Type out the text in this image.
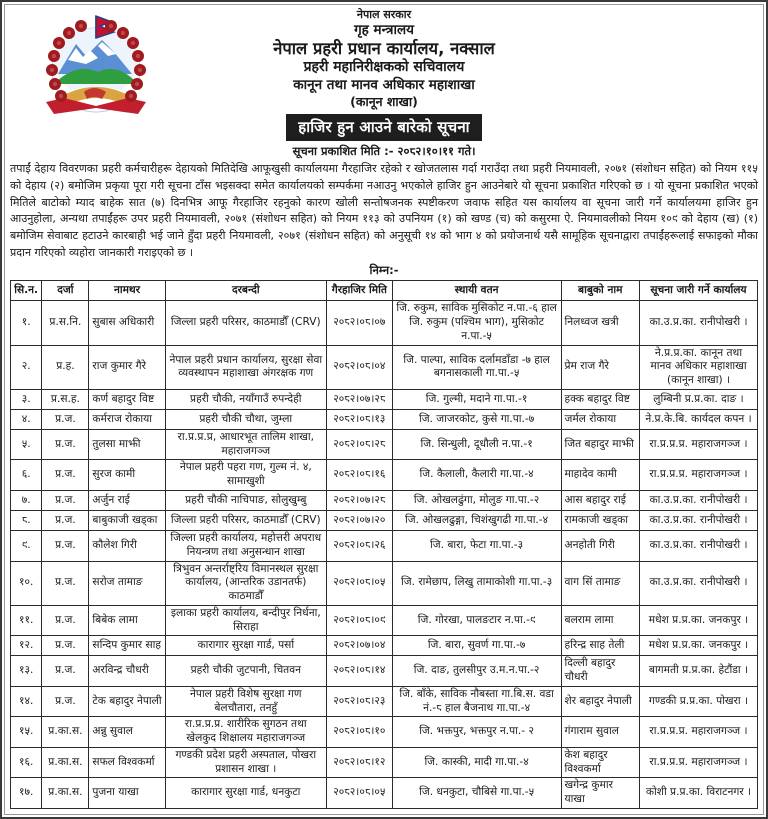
नेपाल सरकार
गृह मन्त्रालय
नेपाल प्रहरी प्रधान कार्यालय, नक्साल
प्रहरी महानिरीक्षकको सचिवालय
कानून तथा मानव अधिकार महाशाखा
(कानून शाखा)
हाजिर हुन आउने बारेको सूचना
सूचना प्रकाशित मिति :- २०८२।१०।११ गते।
तपाईं देहाय विवरणका प्रहरी कर्मचारीहरू देहायको मितिदेखि आफूखुसी कार्यालयमा गैरहाजिर रहेको र खोजतलास गर्दा गराउँदा तथा प्रहरी नियमावली, २०७१ (संशोधन सहित) को नियम ११५ को देहाय (२) बमोजिम प्रकृया पूरा गरी सूचना टाँस भइसक्दा समेत कार्यालयको सम्पर्कमा नआउनु भएकोले हाजिर हुन आउनेबारे यो सूचना प्रकाशित गरिएको छ । यो सूचना प्रकाशित भएको मितिले बाटोको म्याद बाहेक सात (७) दिनभित्र आफू गैरहाजिर रहनुको कारण खोली सन्तोषजनक स्पष्टीकरण जवाफ सहित यस कार्यालय वा सूचना जारी गर्ने कार्यालयमा हाजिर हुन आउनुहोला, अन्यथा तपाईंहरू उपर प्रहरी नियमावली, २०७१ (संशोधन सहित) को नियम ११३ को उपनियम (१) को खण्ड (च) को कसुरमा ऐ. नियमावलीको नियम १०९ को देहाय (ख) (१) बमोजिम सेवाबाट हटाउने कारबाही भई जाने हुँदा प्रहरी नियमावली, २०७१ (संशोधन सहित) को अनुसूची १४ को भाग ४ को प्रयोजनार्थ यसै सामूहिक सूचनाद्वारा तपाईंहरूलाई सफाइको मौका प्रदान गरिएको व्यहोरा जानकारी गराइएको छ ।
निम्न:-
सि.न.	दर्जा	नामथर	दरबन्दी	गैरहाजिर मिति	स्थायी वतन	बाबुको नाम	सूचना जारी गर्ने कार्यालय
१.	प्र.स.नि.	सुबास अधिकारी	जिल्ला प्रहरी परिसर, काठमाडौँ (CRV)	२०८२।०८।०७	जि. रुकुम, साविक मुसिकोट न.पा.-६ हाल जि. रुकुम (पश्चिम भाग), मुसिकोट न.पा.-५	निलध्वज खत्री	का.उ.प्र.का. रानीपोखरी ।
२.	प्र.ह.	राज कुमार गैरे	नेपाल प्रहरी प्रधान कार्यालय, सुरक्षा सेवा व्यवस्थापन महाशाखा अंगरक्षक गण	२०८२।०८।०४	जि. पाल्पा, साविक दर्लामडाँडा -७ हाल बगनासकाली गा.पा.-५	प्रेम राज गैरे	ने.प्र.प्र.का. कानून तथा मानव अधिकार महाशाखा (कानून शाखा) ।
३.	प्र.स.ह.	कर्ण बहादुर विष्ट	प्रहरी चौकी, नयाँगाउँ रुपन्देही	२०८२।०७।२८	जि. गुल्मी, मदाने गा.पा.-१	हक्क बहादुर विष्ट	लुम्बिनी प्र.प्र.का. दाङ ।
४.	प्र.ज.	कर्मराज रोकाया	प्रहरी चौकी चौथा, जुम्ला	२०८२।०८।१३	जि. जाजरकोट, कुसे गा.पा.-७	जर्मल रोकाया	ने.प्र.के.बि. कार्यदल कपन ।
५.	प्र.ज.	तुलसा माझी	रा.प्र.प्र.प्र, आधारभूत तालिम शाखा, महाराजगञ्ज	२०८२।०८।२८	जि. सिन्धुली, दूधौली न.पा.-१	जित बहादुर माझी	रा.प्र.प्र.प्र. महाराजगञ्ज ।
६.	प्र.ज.	सुरज कामी	नेपाल प्रहरी पहरा गण, गुल्म नं. ४, सामाखुशी	२०८२।०८।१६	जि. कैलाली, कैलारी गा.पा.-४	माहादेव कामी	रा.प्र.प्र.प्र. महाराजगञ्ज ।
७.	प्र.ज.	अर्जुन राई	प्रहरी चौकी नाचिपाङ, सोलुखुम्बु	२०८२।०७।२८	जि. ओखलढुंगा, मोलुङ गा.पा.-२	आस बहादुर राई	का.उ.प्र.का. रानीपोखरी ।
८.	प्र.ज.	बाबुकाजी खड्का	जिल्ला प्रहरी परिसर, काठमाडौँ (CRV)	२०८२।०७।२०	जि. ओखलढुङ्गा, चिशंखुगढी गा.पा.-४	रामकाजी खड्का	का.उ.प्र.का. रानीपोखरी ।
९.	प्र.ज.	कौलेश गिरी	जिल्ला प्रहरी कार्यालय, महोत्तरी अपराध नियन्त्रण तथा अनुसन्धान शाखा	२०८२।०८।२६	जि. बारा, फेटा गा.पा.-३	अनहोती गिरी	का.उ.प्र.का. रानीपोखरी ।
१०.	प्र.ज.	सरोज तामाङ	त्रिभुवन अन्तर्राष्ट्रिय विमानस्थल सुरक्षा कार्यालय, (आन्तरिक उडानतर्फ) काठमाडौँ	२०८२।०८।०५	जि. रामेछाप, लिखु तामाकोशी गा.पा.-३	वाग सिं तामाङ	का.उ.प्र.का. रानीपोखरी ।
११.	प्र.ज.	बिबेक लामा	इलाका प्रहरी कार्यालय, बन्दीपुर निर्धना, सिराहा	२०८२।०८।०९	जि. गोरखा, पालङटार न.पा.-९	बलराम लामा	मधेश प्र.प्र.का. जनकपुर ।
१२.	प्र.ज.	सन्दिप कुमार साह	कारागार सुरक्षा गार्ड, पर्सा	२०८२।०७।०४	जि. बारा, सुवर्ण गा.पा.-७	हरिन्द्र साह तेली	मधेश प्र.प्र.का. जनकपुर ।
१३.	प्र.ज.	अरविन्द्र चौधरी	प्रहरी चौकी जुटपानी, चितवन	२०८२।०८।१४	जि. दाङ, तुलसीपुर उ.म.न.पा.-२	दिल्ली बहादुर चौधरी	बागमती प्र.प्र.का. हेटौंडा ।
१४.	प्र.ज.	टेक बहादुर नेपाली	नेपाल प्रहरी विशेष सुरक्षा गण बेलचौतारा, तनहुँ	२०८२।०८।२३	जि. बाँके, साविक नौबस्ता गा.बि.स. वडा नं.-८ हाल बैजनाथ गा.पा.-४	शेर बहादुर नेपाली	गण्डकी प्र.प्र.का. पोखरा ।
१५.	प्र.का.स.	अन्नु सुवाल	रा.प्र.प्र.प्र. शारीरिक सुगठन तथा खेलकुद शिक्षालय महाराजगञ्ज	२०८२।०८।१०	जि. भक्तपुर, भक्तपुर न.पा.- २	गंगाराम सुवाल	रा.प्र.प्र.प्र. महाराजगञ्ज ।
१६.	प्र.का.स.	सफल विश्वकर्मा	गण्डकी प्रदेश प्रहरी अस्पताल, पोखरा प्रशासन शाखा ।	२०८२।०८।१२	जि. कास्की, मादी गा.पा.-४	केश बहादुर विश्वकर्मा	रा.प्र.प्र.प्र. महाराजगञ्ज ।
१७.	प्र.का.स.	पुजना याखा	कारागार सुरक्षा गार्ड, धनकुटा	२०८२।०८।०५	जि. धनकुटा, चौबिसे गा.पा.-५	खगेन्द्र कुमार याखा	कोशी प्र.प्र.का. विराटनगर ।
